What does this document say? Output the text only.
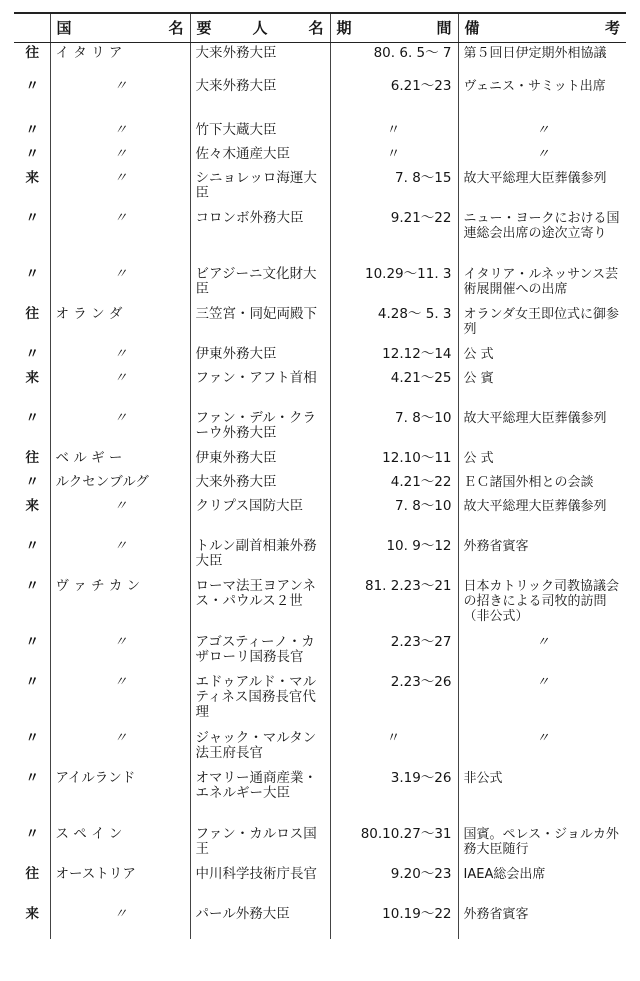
	国 名	要 人 名	期 間	備 考

往	イ タ リ ア	大来外務大臣	80. 6. 5～ 7	第５回日伊定期外相協議
〃	〃	大来外務大臣	6.21～23	ヴェニス・サミット出席
〃	〃	竹下大蔵大臣	〃	〃
〃	〃	佐々木通産大臣	〃	〃
来	〃	シニョレッロ海運大臣	7. 8～15	故大平総理大臣葬儀参列
〃	〃	コロンボ外務大臣	9.21～22	ニュー・ヨークにおける国連総会出席の途次立寄り
〃	〃	ビアジーニ文化財大臣	10.29～11. 3	イタリア・ルネッサンス芸術展開催への出席
往	オ ラ ン ダ	三笠宮・同妃両殿下	4.28～ 5. 3	オランダ女王即位式に御参列
〃	〃	伊東外務大臣	12.12～14	公 式
来	〃	ファン・アフト首相	4.21～25	公 賓
〃	〃	ファン・デル・クラーウ外務大臣	7. 8～10	故大平総理大臣葬儀参列
往	ベ ル ギ ー	伊東外務大臣	12.10～11	公 式
〃	ルクセンブルグ	大来外務大臣	4.21～22	ＥＣ諸国外相との会談
来	〃	クリプス国防大臣	7. 8～10	故大平総理大臣葬儀参列
〃	〃	トルン副首相兼外務大臣	10. 9～12	外務省賓客
〃	ヴ ァ チ カ ン	ローマ法王ヨアンネス・パウルス２世	81. 2.23～21	日本カトリック司教協議会の招きによる司牧的訪問（非公式）
〃	〃	アゴスティーノ・カザローリ国務長官	2.23～27	〃
〃	〃	エドゥアルド・マルティネス国務長官代理	2.23～26	〃
〃	〃	ジャック・マルタン法王府長官	〃	〃
〃	アイルランド	オマリー通商産業・エネルギー大臣	3.19～26	非公式
〃	ス ペ イ ン	ファン・カルロス国王	80.10.27～31	国賓。ペレス・ジョルカ外務大臣随行
往	オーストリア	中川科学技術庁長官	9.20～23	IAEA総会出席
来	〃	パール外務大臣	10.19～22	外務省賓客
